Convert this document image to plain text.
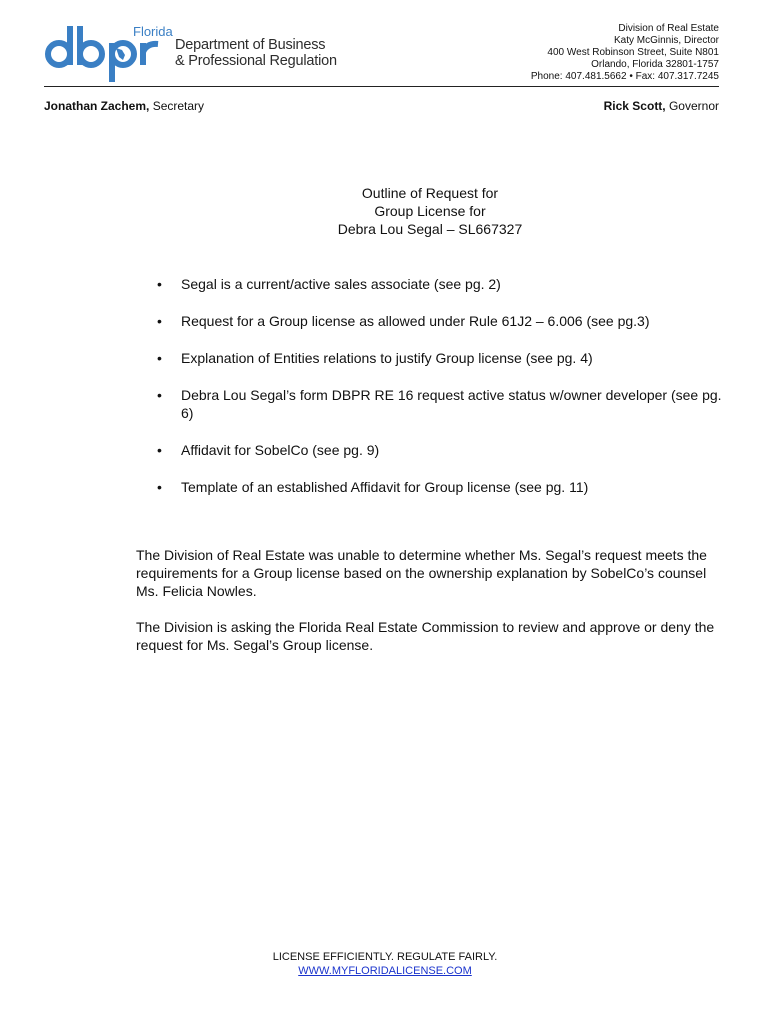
Florida
Department of Business
& Professional Regulation
Division of Real Estate
Katy McGinnis, Director
400 West Robinson Street, Suite N801
Orlando, Florida 32801-1757
Phone: 407.481.5662 • Fax: 407.317.7245
Jonathan Zachem, Secretary	Rick Scott, Governor
Outline of Request for
Group License for
Debra Lou Segal – SL667327
• Segal is a current/active sales associate (see pg. 2)
• Request for a Group license as allowed under Rule 61J2 – 6.006 (see pg.3)
• Explanation of Entities relations to justify Group license (see pg. 4)
• Debra Lou Segal’s form DBPR RE 16 request active status w/owner developer (see pg. 6)
• Affidavit for SobelCo (see pg. 9)
• Template of an established Affidavit for Group license (see pg. 11)

The Division of Real Estate was unable to determine whether Ms. Segal’s request meets the requirements for a Group license based on the ownership explanation by SobelCo’s counsel Ms. Felicia Nowles.

The Division is asking the Florida Real Estate Commission to review and approve or deny the request for Ms. Segal’s Group license.

LICENSE EFFICIENTLY. REGULATE FAIRLY.
WWW.MYFLORIDALICENSE.COM
